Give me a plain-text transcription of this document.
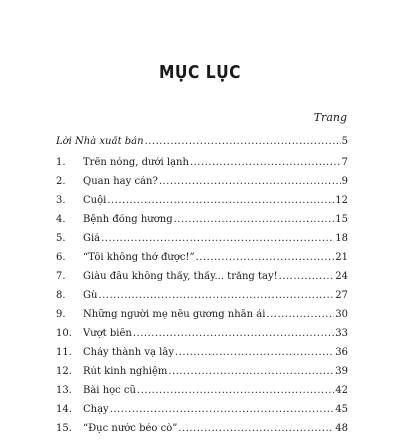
MỤC LỤC
Trang
Lời Nhà xuất bản .....	5
1.	Trên nóng, dưới lạnh .....	7
2.	Quan hay cán? .....	9
3.	Cuội .....	12
4.	Bệnh đồng hương .....	15
5.	Giá .....	18
6.	“Tôi không thở được!” .....	21
7.	Giàu đâu không thấy, thấy... trắng tay! .....	24
8.	Gù .....	27
9.	Những người mẹ nêu gương nhân ái .....	30
10.	Vượt biên .....	33
11.	Cháy thành vạ lây .....	36
12.	Rút kinh nghiệm .....	39
13.	Bài học cũ .....	42
14.	Chạy .....	45
15.	“Đục nước béo cò” .....	48
